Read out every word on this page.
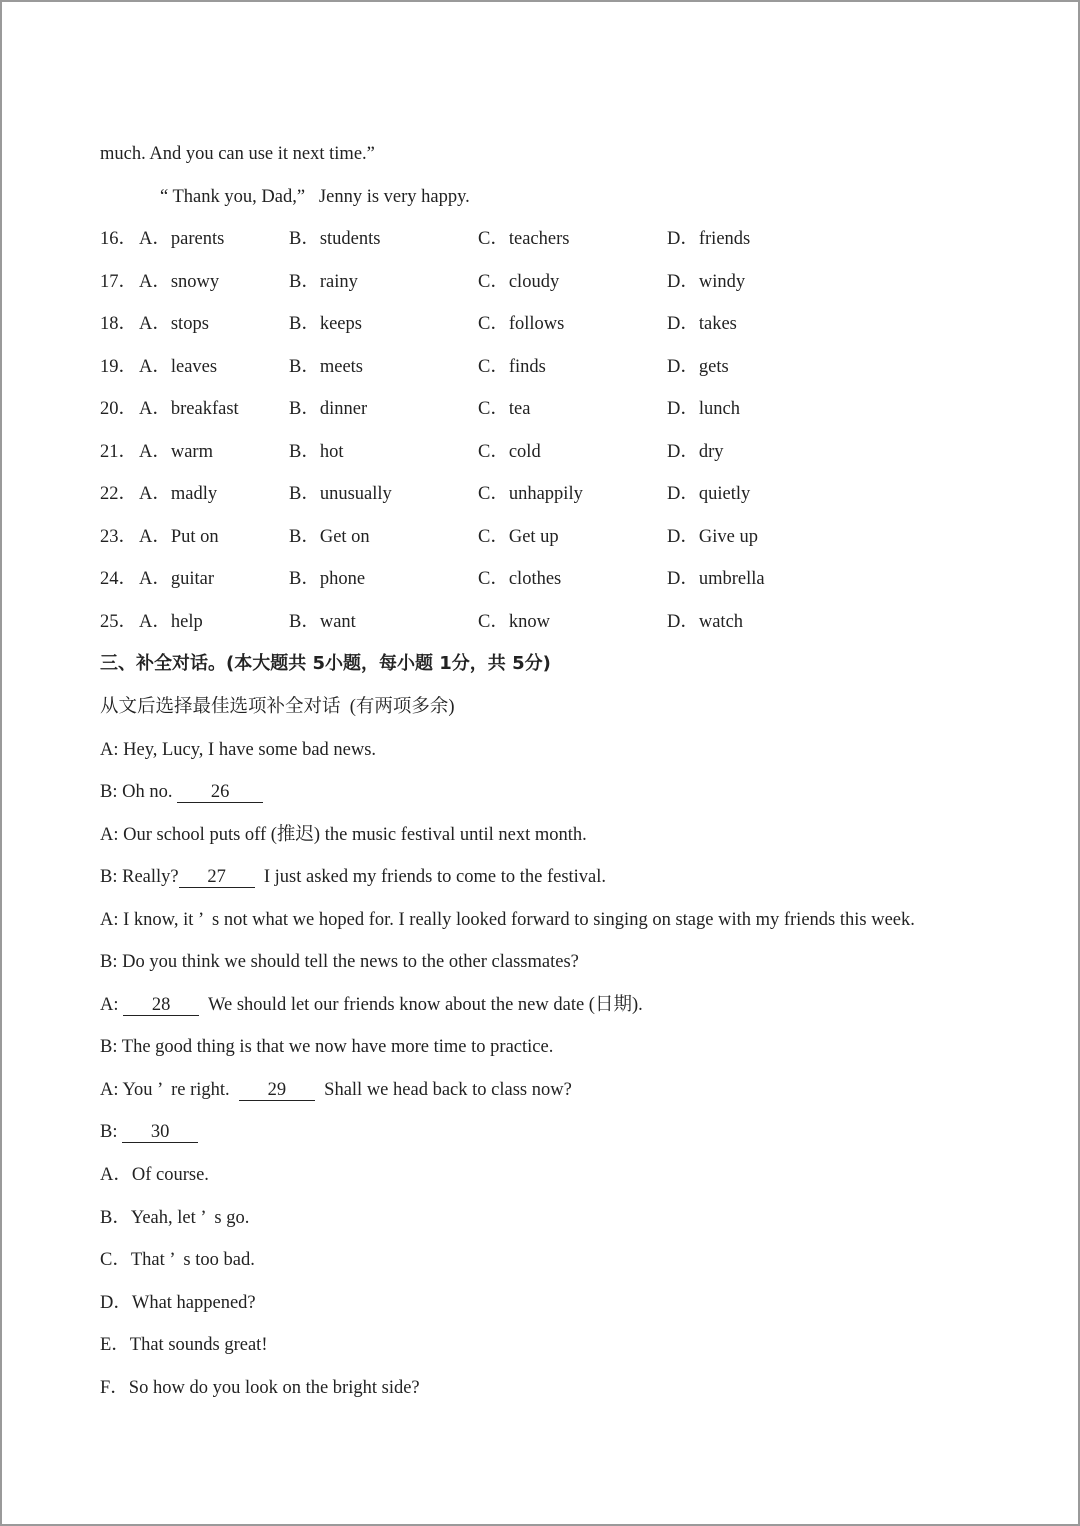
much. And you can use it next time.”
“ Thank you, Dad,”   Jenny is very happy.
16． A．parents	B．students	C．teachers	D．friends
17． A．snowy	B．rainy	C．cloudy	D．windy
18． A．stops	B．keeps	C．follows	D．takes
19． A．leaves	B．meets	C．finds	D．gets
20． A．breakfast	B．dinner	C．tea	D．lunch
21． A．warm	B．hot	C．cold	D．dry
22． A．madly	B．unusually	C．unhappily	D．quietly
23． A．Put on	B．Get on	C．Get up	D．Give up
24． A．guitar	B．phone	C．clothes	D．umbrella
25． A．help	B．want	C．know	D．watch
三、补全对话。(本大题共 5小题，每小题 1分，共 5分)
从文后选择最佳选项补全对话  (有两项多余)
A: Hey, Lucy, I have some bad news.
B: Oh no. 26
A: Our school puts off (推迟) the music festival until next month.
B: Really? 27  I just asked my friends to come to the festival.
A: I know, it ’  s not what we hoped for. I really looked forward to singing on stage with my friends this week.
B: Do you think we should tell the news to the other classmates?
A: 28  We should let our friends know about the new date (日期).
B: The good thing is that we now have more time to practice.
A: You ’  re right.  29  Shall we head back to class now?
B: 30
A．Of course.
B．Yeah, let ’  s go.
C．That ’  s too bad.
D．What happened?
E．That sounds great!
F．So how do you look on the bright side?
